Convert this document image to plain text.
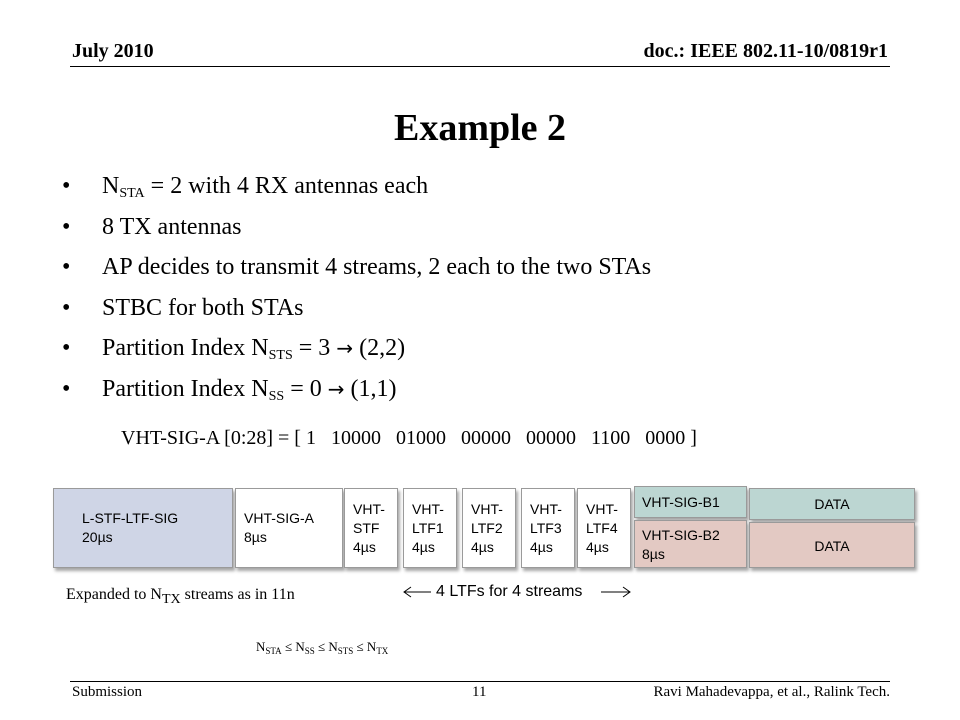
July 2010	doc.: IEEE 802.11-10/0819r1
Example 2
• $N_{STA} = 2$ with 4 RX antennas each
• 8 TX antennas
• AP decides to transmit 4 streams, 2 each to the two STAs
• STBC for both STAs
• Partition Index $N_{STS} = 3 \to (2,2)$
• Partition Index $N_{SS} = 0 \to (1,1)$
VHT-SIG-A [0:28] = [ 1   10000   01000   00000   00000   1100   0000 ]
L-STF-LTF-SIG
20µs
VHT-SIG-A
8µs
VHT-
STF
4µs
VHT-
LTF1
4µs
VHT-
LTF2
4µs
VHT-
LTF3
4µs
VHT-
LTF4
4µs
VHT-SIG-B1
VHT-SIG-B2
8µs
DATA
DATA
Expanded to $N_{TX}$ streams as in 11n	4 LTFs for 4 streams
$N_{STA} \le N_{SS} \le N_{STS} \le N_{TX}$
Submission	11	Ravi Mahadevappa, et al., Ralink Tech.
